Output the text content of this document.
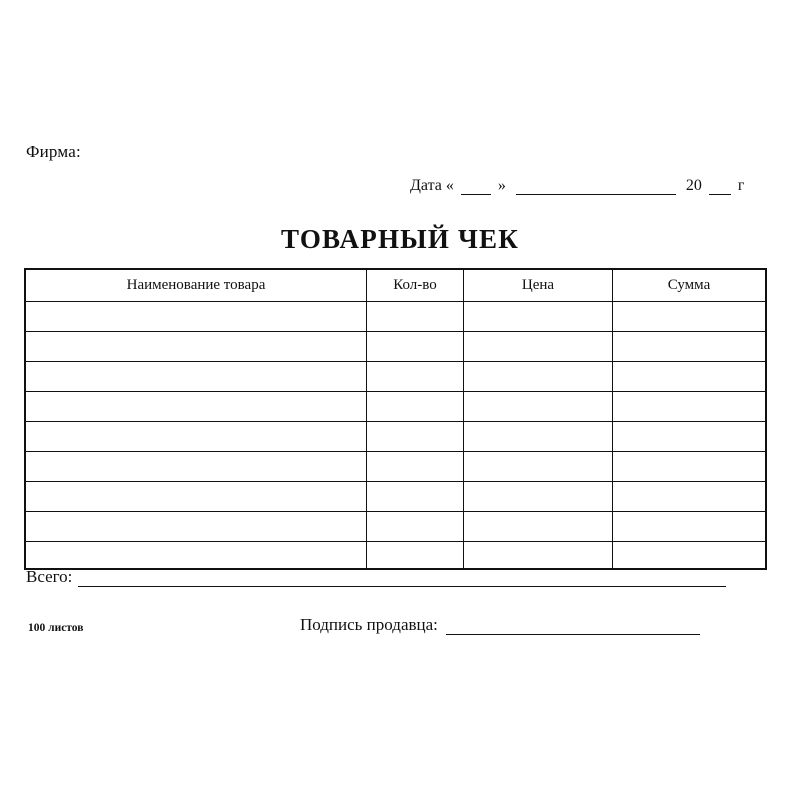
Фирма:
Дата «	»	20 г
ТОВАРНЫЙ ЧЕК
Наименование товара	Кол-во	Цена	Сумма

Всего:
100 листов	Подпись продавца:
